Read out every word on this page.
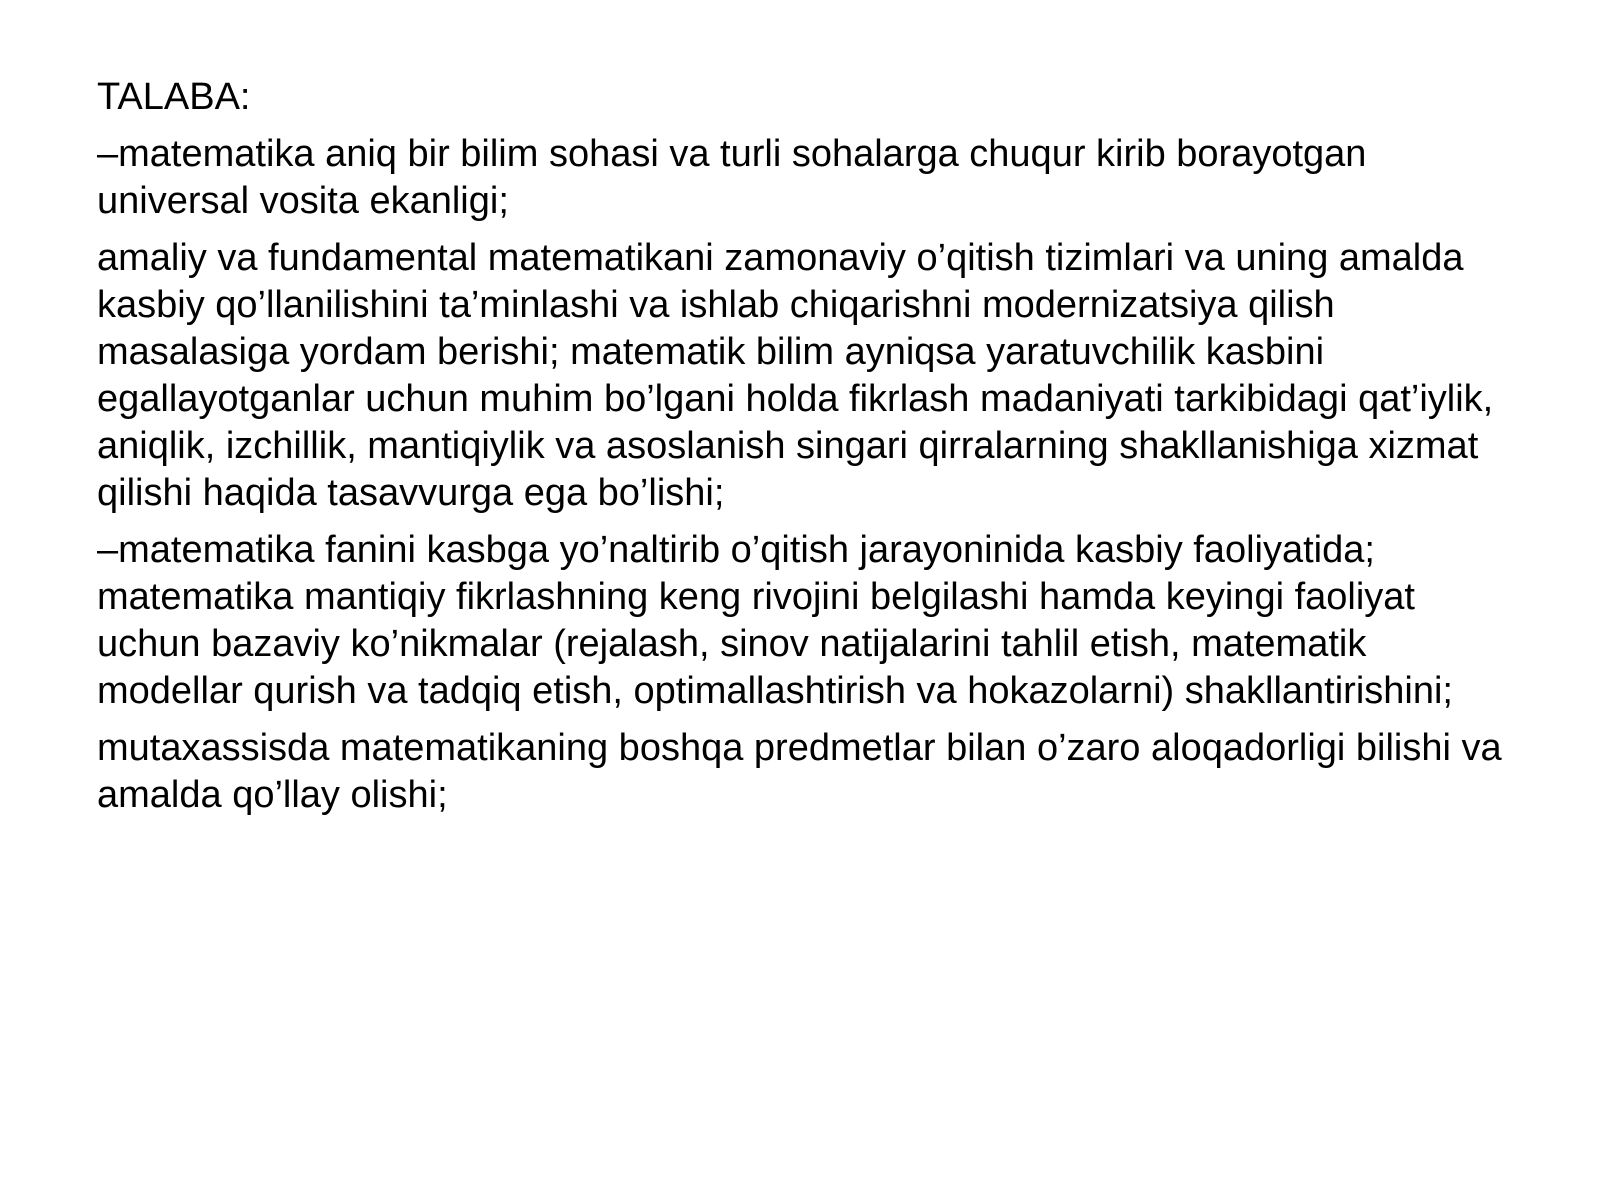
TALABA:

–matematika aniq bir bilim sohasi va turli sohalarga chuqur kirib borayotgan universal vosita ekanligi;

amaliy va fundamental matematikani zamonaviy o’qitish tizimlari va uning amalda kasbiy qo’llanilishini ta’minlashi va ishlab chiqarishni modernizatsiya qilish masalasiga yordam berishi; matematik bilim ayniqsa yaratuvchilik kasbini egallayotganlar uchun muhim bo’lgani holda fikrlash madaniyati tarkibidagi qat’iylik, aniqlik, izchillik, mantiqiylik va asoslanish singari qirralarning shakllanishiga xizmat qilishi haqida tasavvurga ega bo’lishi;

–matematika fanini kasbga yo’naltirib o’qitish jarayoninida kasbiy faoliyatida; matematika mantiqiy fikrlashning keng rivojini belgilashi hamda keyingi faoliyat uchun bazaviy ko’nikmalar (rejalash, sinov natijalarini tahlil etish, matematik modellar qurish va tadqiq etish, optimallashtirish va hokazolarni) shakllantirishini;

mutaxassisda matematikaning boshqa predmetlar bilan o’zaro aloqadorligi bilishi va amalda qo’llay olishi;
